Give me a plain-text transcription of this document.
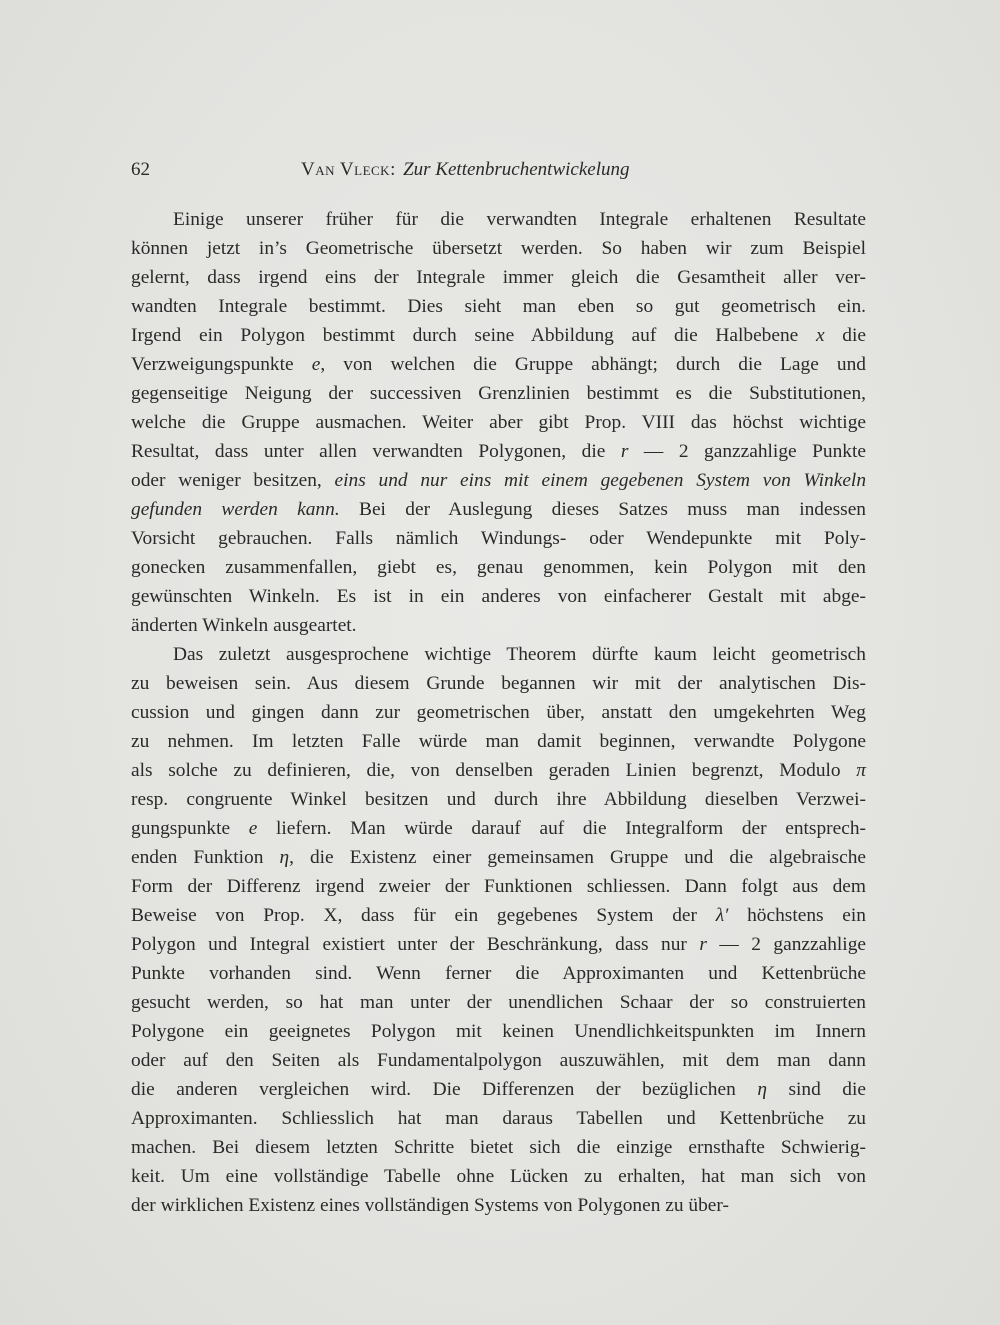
62	Van Vleck: Zur Kettenbruchentwickelung
Einige unserer früher für die verwandten Integrale erhaltenen Resultate
können jetzt in’s Geometrische übersetzt werden. So haben wir zum Beispiel
gelernt, dass irgend eins der Integrale immer gleich die Gesamtheit aller ver-
wandten Integrale bestimmt. Dies sieht man eben so gut geometrisch ein.
Irgend ein Polygon bestimmt durch seine Abbildung auf die Halbebene x die
Verzweigungspunkte e, von welchen die Gruppe abhängt; durch die Lage und
gegenseitige Neigung der successiven Grenzlinien bestimmt es die Substitutionen,
welche die Gruppe ausmachen. Weiter aber gibt Prop. VIII das höchst wichtige
Resultat, dass unter allen verwandten Polygonen, die r — 2 ganzzahlige Punkte
oder weniger besitzen, eins und nur eins mit einem gegebenen System von Winkeln
gefunden werden kann. Bei der Auslegung dieses Satzes muss man indessen
Vorsicht gebrauchen. Falls nämlich Windungs- oder Wendepunkte mit Poly-
gonecken zusammenfallen, giebt es, genau genommen, kein Polygon mit den
gewünschten Winkeln. Es ist in ein anderes von einfacherer Gestalt mit abge-
änderten Winkeln ausgeartet.
Das zuletzt ausgesprochene wichtige Theorem dürfte kaum leicht geometrisch
zu beweisen sein. Aus diesem Grunde begannen wir mit der analytischen Dis-
cussion und gingen dann zur geometrischen über, anstatt den umgekehrten Weg
zu nehmen. Im letzten Falle würde man damit beginnen, verwandte Polygone
als solche zu definieren, die, von denselben geraden Linien begrenzt, Modulo π
resp. congruente Winkel besitzen und durch ihre Abbildung dieselben Verzwei-
gungspunkte e liefern. Man würde darauf auf die Integralform der entsprech-
enden Funktion η, die Existenz einer gemeinsamen Gruppe und die algebraische
Form der Differenz irgend zweier der Funktionen schliessen. Dann folgt aus dem
Beweise von Prop. X, dass für ein gegebenes System der λ′ höchstens ein
Polygon und Integral existiert unter der Beschränkung, dass nur r — 2 ganzzahlige
Punkte vorhanden sind. Wenn ferner die Approximanten und Kettenbrüche
gesucht werden, so hat man unter der unendlichen Schaar der so construierten
Polygone ein geeignetes Polygon mit keinen Unendlichkeitspunkten im Innern
oder auf den Seiten als Fundamentalpolygon auszuwählen, mit dem man dann
die anderen vergleichen wird. Die Differenzen der bezüglichen η sind die
Approximanten. Schliesslich hat man daraus Tabellen und Kettenbrüche zu
machen. Bei diesem letzten Schritte bietet sich die einzige ernsthafte Schwierig-
keit. Um eine vollständige Tabelle ohne Lücken zu erhalten, hat man sich von
der wirklichen Existenz eines vollständigen Systems von Polygonen zu über-
